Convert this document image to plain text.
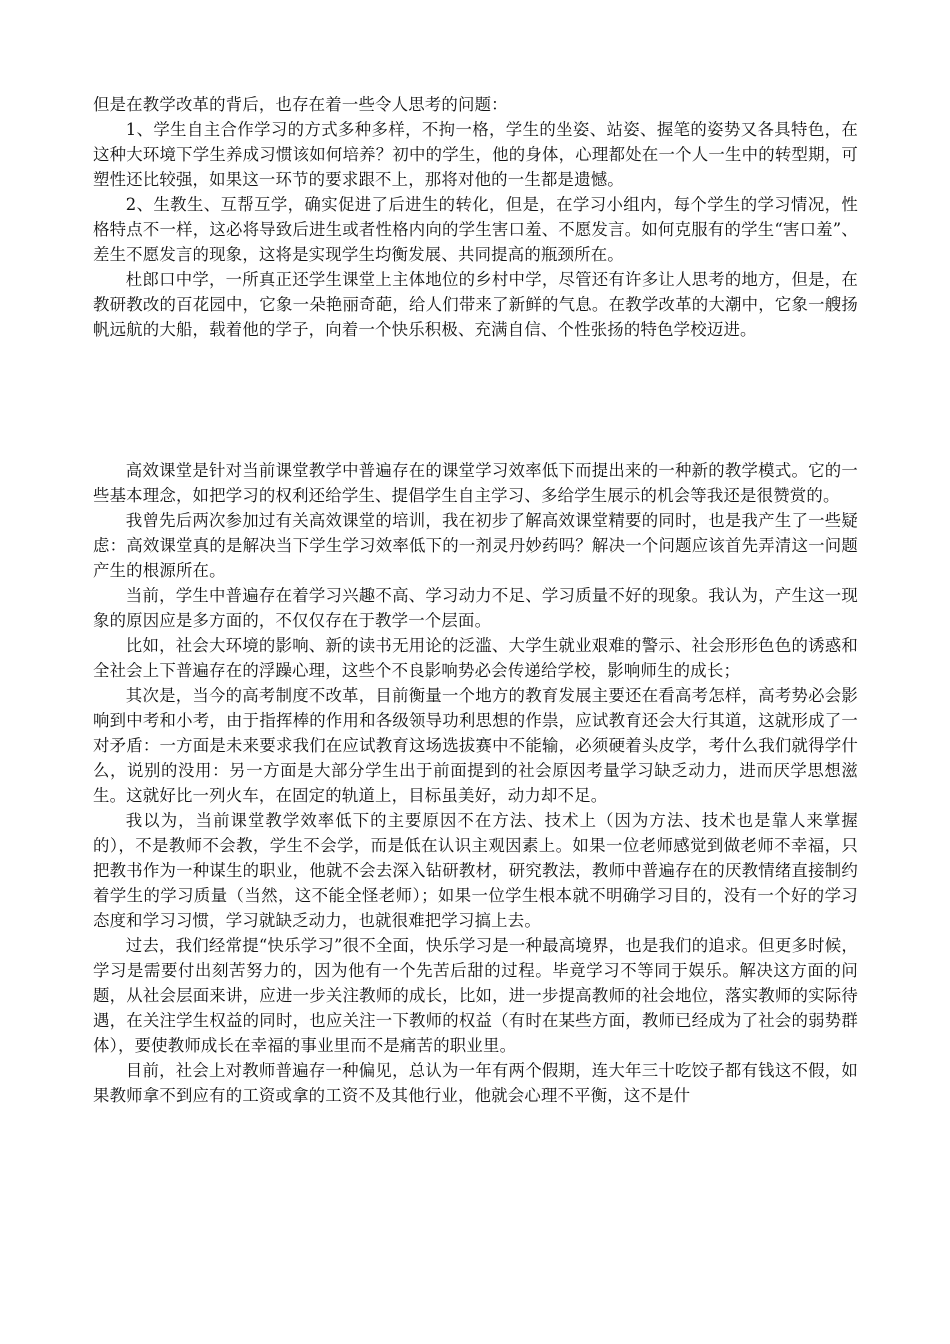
但是在教学改革的背后，也存在着一些令人思考的问题：

1、学生自主合作学习的方式多种多样，不拘一格，学生的坐姿、站姿、握笔的姿势又各具特色，在这种大环境下学生养成习惯该如何培养？初中的学生，他的身体，心理都处在一个人一生中的转型期，可塑性还比较强，如果这一环节的要求跟不上，那将对他的一生都是遗憾。

2、生教生、互帮互学，确实促进了后进生的转化，但是，在学习小组内，每个学生的学习情况，性格特点不一样，这必将导致后进生或者性格内向的学生害口羞、不愿发言。如何克服有的学生“害口羞”、差生不愿发言的现象，这将是实现学生均衡发展、共同提高的瓶颈所在。

杜郎口中学，一所真正还学生课堂上主体地位的乡村中学，尽管还有许多让人思考的地方，但是，在教研教改的百花园中，它象一朵艳丽奇葩，给人们带来了新鲜的气息。在教学改革的大潮中，它象一艘扬帆远航的大船，载着他的学子，向着一个快乐积极、充满自信、个性张扬的特色学校迈进。

高效课堂是针对当前课堂教学中普遍存在的课堂学习效率低下而提出来的一种新的教学模式。它的一些基本理念，如把学习的权利还给学生、提倡学生自主学习、多给学生展示的机会等我还是很赞赏的。

我曾先后两次参加过有关高效课堂的培训，我在初步了解高效课堂精要的同时，也是我产生了一些疑虑：高效课堂真的是解决当下学生学习效率低下的一剂灵丹妙药吗？解决一个问题应该首先弄清这一问题产生的根源所在。

当前，学生中普遍存在着学习兴趣不高、学习动力不足、学习质量不好的现象。我认为，产生这一现象的原因应是多方面的，不仅仅存在于教学一个层面。

比如，社会大环境的影响、新的读书无用论的泛滥、大学生就业艰难的警示、社会形形色色的诱惑和全社会上下普遍存在的浮躁心理，这些个不良影响势必会传递给学校，影响师生的成长；

其次是，当今的高考制度不改革，目前衡量一个地方的教育发展主要还在看高考怎样，高考势必会影响到中考和小考，由于指挥棒的作用和各级领导功利思想的作祟，应试教育还会大行其道，这就形成了一对矛盾：一方面是未来要求我们在应试教育这场选拔赛中不能输，必须硬着头皮学，考什么我们就得学什么，说别的没用：另一方面是大部分学生出于前面提到的社会原因考量学习缺乏动力，进而厌学思想滋生。这就好比一列火车，在固定的轨道上，目标虽美好，动力却不足。

我以为，当前课堂教学效率低下的主要原因不在方法、技术上（因为方法、技术也是靠人来掌握的），不是教师不会教，学生不会学，而是低在认识主观因素上。如果一位老师感觉到做老师不幸福，只把教书作为一种谋生的职业，他就不会去深入钻研教材，研究教法，教师中普遍存在的厌教情绪直接制约着学生的学习质量（当然，这不能全怪老师）；如果一位学生根本就不明确学习目的，没有一个好的学习态度和学习习惯，学习就缺乏动力，也就很难把学习搞上去。

过去，我们经常提“快乐学习”很不全面，快乐学习是一种最高境界，也是我们的追求。但更多时候，学习是需要付出刻苦努力的，因为他有一个先苦后甜的过程。毕竟学习不等同于娱乐。解决这方面的问题，从社会层面来讲，应进一步关注教师的成长，比如，进一步提高教师的社会地位，落实教师的实际待遇，在关注学生权益的同时，也应关注一下教师的权益（有时在某些方面，教师已经成为了社会的弱势群体），要使教师成长在幸福的事业里而不是痛苦的职业里。

目前，社会上对教师普遍存一种偏见，总认为一年有两个假期，连大年三十吃饺子都有钱这不假，如果教师拿不到应有的工资或拿的工资不及其他行业，他就会心理不平衡，这不是什
